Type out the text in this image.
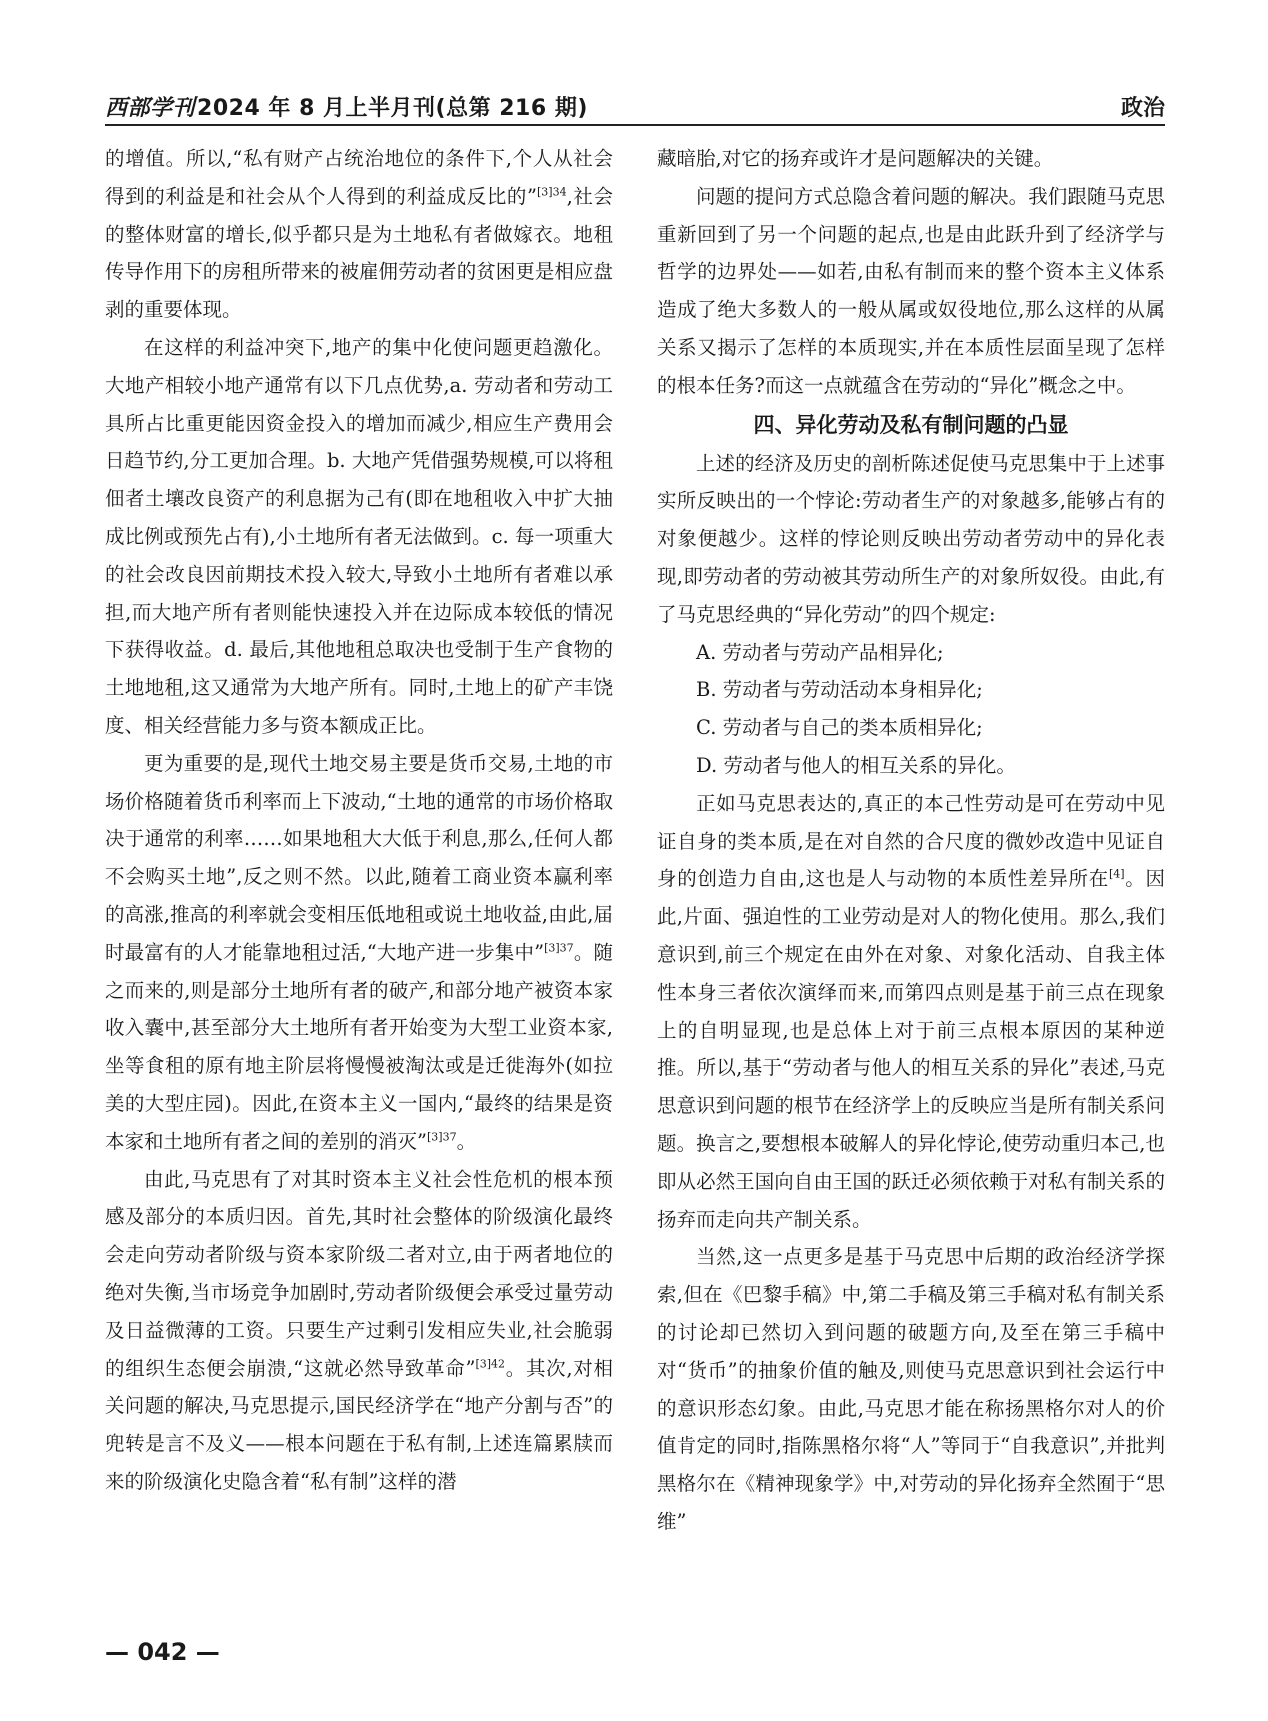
西部学刊2024 年 8 月上半月刊(总第 216 期)	政治

的增值。所以,“私有财产占统治地位的条件下,个人从社会得到的利益是和社会从个人得到的利益成反比的”$^{[3]34}$,社会的整体财富的增长,似乎都只是为土地私有者做嫁衣。地租传导作用下的房租所带来的被雇佣劳动者的贫困更是相应盘剥的重要体现。

在这样的利益冲突下,地产的集中化使问题更趋激化。大地产相较小地产通常有以下几点优势,a. 劳动者和劳动工具所占比重更能因资金投入的增加而减少,相应生产费用会日趋节约,分工更加合理。b. 大地产凭借强势规模,可以将租佃者土壤改良资产的利息据为己有(即在地租收入中扩大抽成比例或预先占有),小土地所有者无法做到。c. 每一项重大的社会改良因前期技术投入较大,导致小土地所有者难以承担,而大地产所有者则能快速投入并在边际成本较低的情况下获得收益。d. 最后,其他地租总取决也受制于生产食物的土地地租,这又通常为大地产所有。同时,土地上的矿产丰饶度、相关经营能力多与资本额成正比。

更为重要的是,现代土地交易主要是货币交易,土地的市场价格随着货币利率而上下波动,“土地的通常的市场价格取决于通常的利率……如果地租大大低于利息,那么,任何人都不会购买土地”,反之则不然。以此,随着工商业资本赢利率的高涨,推高的利率就会变相压低地租或说土地收益,由此,届时最富有的人才能靠地租过活,“大地产进一步集中”$^{[3]37}$。随之而来的,则是部分土地所有者的破产,和部分地产被资本家收入囊中,甚至部分大土地所有者开始变为大型工业资本家,坐等食租的原有地主阶层将慢慢被淘汰或是迁徙海外(如拉美的大型庄园)。因此,在资本主义一国内,“最终的结果是资本家和土地所有者之间的差别的消灭”$^{[3]37}$。

由此,马克思有了对其时资本主义社会性危机的根本预感及部分的本质归因。首先,其时社会整体的阶级演化最终会走向劳动者阶级与资本家阶级二者对立,由于两者地位的绝对失衡,当市场竞争加剧时,劳动者阶级便会承受过量劳动及日益微薄的工资。只要生产过剩引发相应失业,社会脆弱的组织生态便会崩溃,“这就必然导致革命”$^{[3]42}$。其次,对相关问题的解决,马克思提示,国民经济学在“地产分割与否”的兜转是言不及义——根本问题在于私有制,上述连篇累牍而来的阶级演化史隐含着“私有制”这样的潜

藏暗胎,对它的扬弃或许才是问题解决的关键。

问题的提问方式总隐含着问题的解决。我们跟随马克思重新回到了另一个问题的起点,也是由此跃升到了经济学与哲学的边界处——如若,由私有制而来的整个资本主义体系造成了绝大多数人的一般从属或奴役地位,那么这样的从属关系又揭示了怎样的本质现实,并在本质性层面呈现了怎样的根本任务?而这一点就蕴含在劳动的“异化”概念之中。

四、异化劳动及私有制问题的凸显

上述的经济及历史的剖析陈述促使马克思集中于上述事实所反映出的一个悖论:劳动者生产的对象越多,能够占有的对象便越少。这样的悖论则反映出劳动者劳动中的异化表现,即劳动者的劳动被其劳动所生产的对象所奴役。由此,有了马克思经典的“异化劳动”的四个规定:

A. 劳动者与劳动产品相异化;

B. 劳动者与劳动活动本身相异化;

C. 劳动者与自己的类本质相异化;

D. 劳动者与他人的相互关系的异化。

正如马克思表达的,真正的本己性劳动是可在劳动中见证自身的类本质,是在对自然的合尺度的微妙改造中见证自身的创造力自由,这也是人与动物的本质性差异所在[4]。因此,片面、强迫性的工业劳动是对人的物化使用。那么,我们意识到,前三个规定在由外在对象、对象化活动、自我主体性本身三者依次演绎而来,而第四点则是基于前三点在现象上的自明显现,也是总体上对于前三点根本原因的某种逆推。所以,基于“劳动者与他人的相互关系的异化”表述,马克思意识到问题的根节在经济学上的反映应当是所有制关系问题。换言之,要想根本破解人的异化悖论,使劳动重归本己,也即从必然王国向自由王国的跃迁必须依赖于对私有制关系的扬弃而走向共产制关系。

当然,这一点更多是基于马克思中后期的政治经济学探索,但在《巴黎手稿》中,第二手稿及第三手稿对私有制关系的讨论却已然切入到问题的破题方向,及至在第三手稿中对“货币”的抽象价值的触及,则使马克思意识到社会运行中的意识形态幻象。由此,马克思才能在称扬黑格尔对人的价值肯定的同时,指陈黑格尔将“人”等同于“自我意识”,并批判黑格尔在《精神现象学》中,对劳动的异化扬弃全然囿于“思维”

— 042 —
